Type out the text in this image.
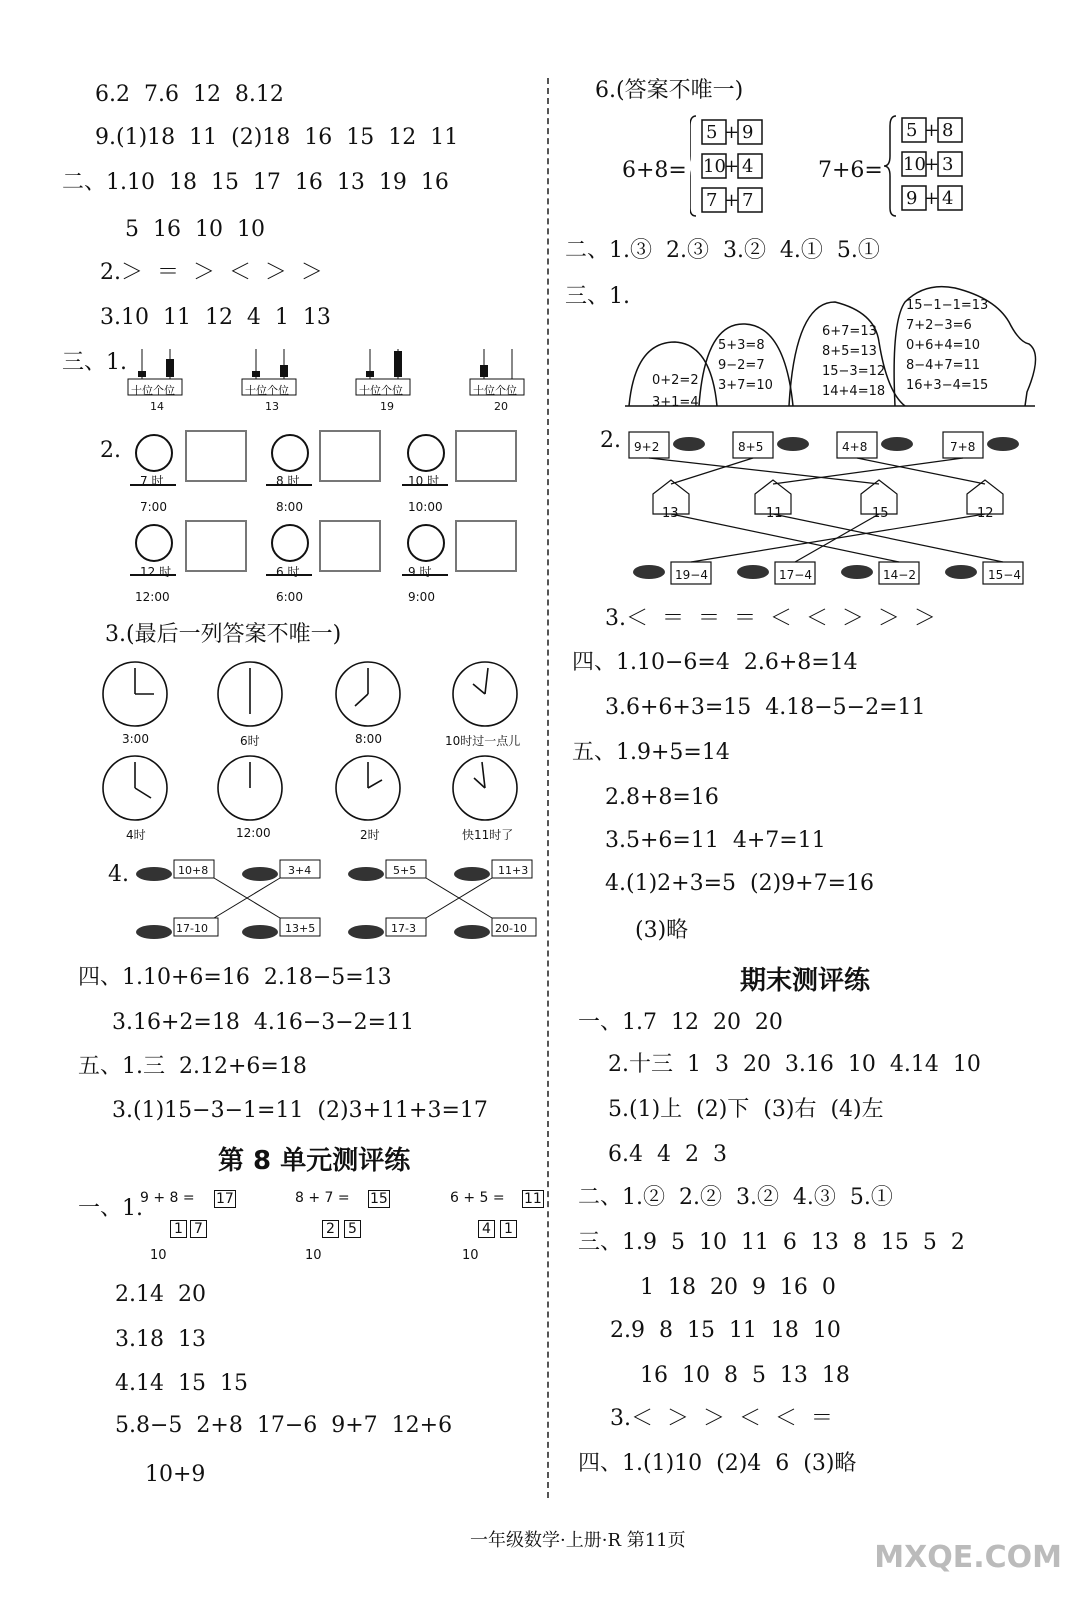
6.2  7.6  12  8.12
9.(1)18  11  (2)18  16  15  12  11
二、1.10  18  15  17  16  13  19  16
5  16  10  10
2.＞  ＝  ＞  ＜  ＞  ＞
3.10  11  12  4  1  13
三、1.
十位个位	十位个位	十位个位	十位个位
14	13	19	20
2.
7 时	8 时	10 时
7:00	8:00	10:00
12 时	6 时	9 时
12:00	6:00	9:00
3.(最后一列答案不唯一)
3:00	6时	8:00	10时过一点儿
4时	12:00	2时	快11时了
4.	10+8	3+4	5+5	11+3
17-10	13+5	17-3	20-10
四、1.10+6=16  2.18−5=13
3.16+2=18  4.16−3−2=11
五、1.三  2.12+6=18
3.(1)15−3−1=11  (2)3+11+3=17
第 8 单元测评练
一、1.
9 + 8 = 17
1 7
10
8 + 7 = 15
2 5
10
6 + 5 = 11
4 1
10
2.14  20
3.18  13
4.14  15  15
5.8−5  2+8  17−6  9+7  12+6
10+9
6.(答案不唯一)
6+8=	7+6=
5 9
10 4
7 7
5 8
10 3
9 4
+
+
+
+
+
+
二、1.③  2.③  3.②  4.①  5.①
三、1.
0+2=2
3+1=4
5+3=8
9−2=7
3+7=10
6+7=13
8+5=13
15−3=12
14+4=18
15−1−1=13
7+2−3=6
0+6+4=10
8−4+7=11
16+3−4=15
2. 9+2	8+5	4+8	7+8
13	11	15	12
19−4	17−4	14−2	15−4
3.＜  ＝  ＝  ＝  ＜  ＜  ＞  ＞  ＞
四、1.10−6=4  2.6+8=14
3.6+6+3=15  4.18−5−2=11
五、1.9+5=14
2.8+8=16
3.5+6=11  4+7=11
4.(1)2+3=5  (2)9+7=16
(3)略
期末测评练
一、1.7  12  20  20
2.十三  1  3  20  3.16  10  4.14  10
5.(1)上  (2)下  (3)右  (4)左
6.4  4  2  3
二、1.②  2.②  3.②  4.③  5.①
三、1.9  5  10  11  6  13  8  15  5  2
1  18  20  9  16  0
2.9  8  15  11  18  10
16  10  8  5  13  18
3.＜  ＞  ＞  ＜  ＜  ＝
四、1.(1)10  (2)4  6  (3)略
一年级数学·上册·R 第11页	MXQE.COM
